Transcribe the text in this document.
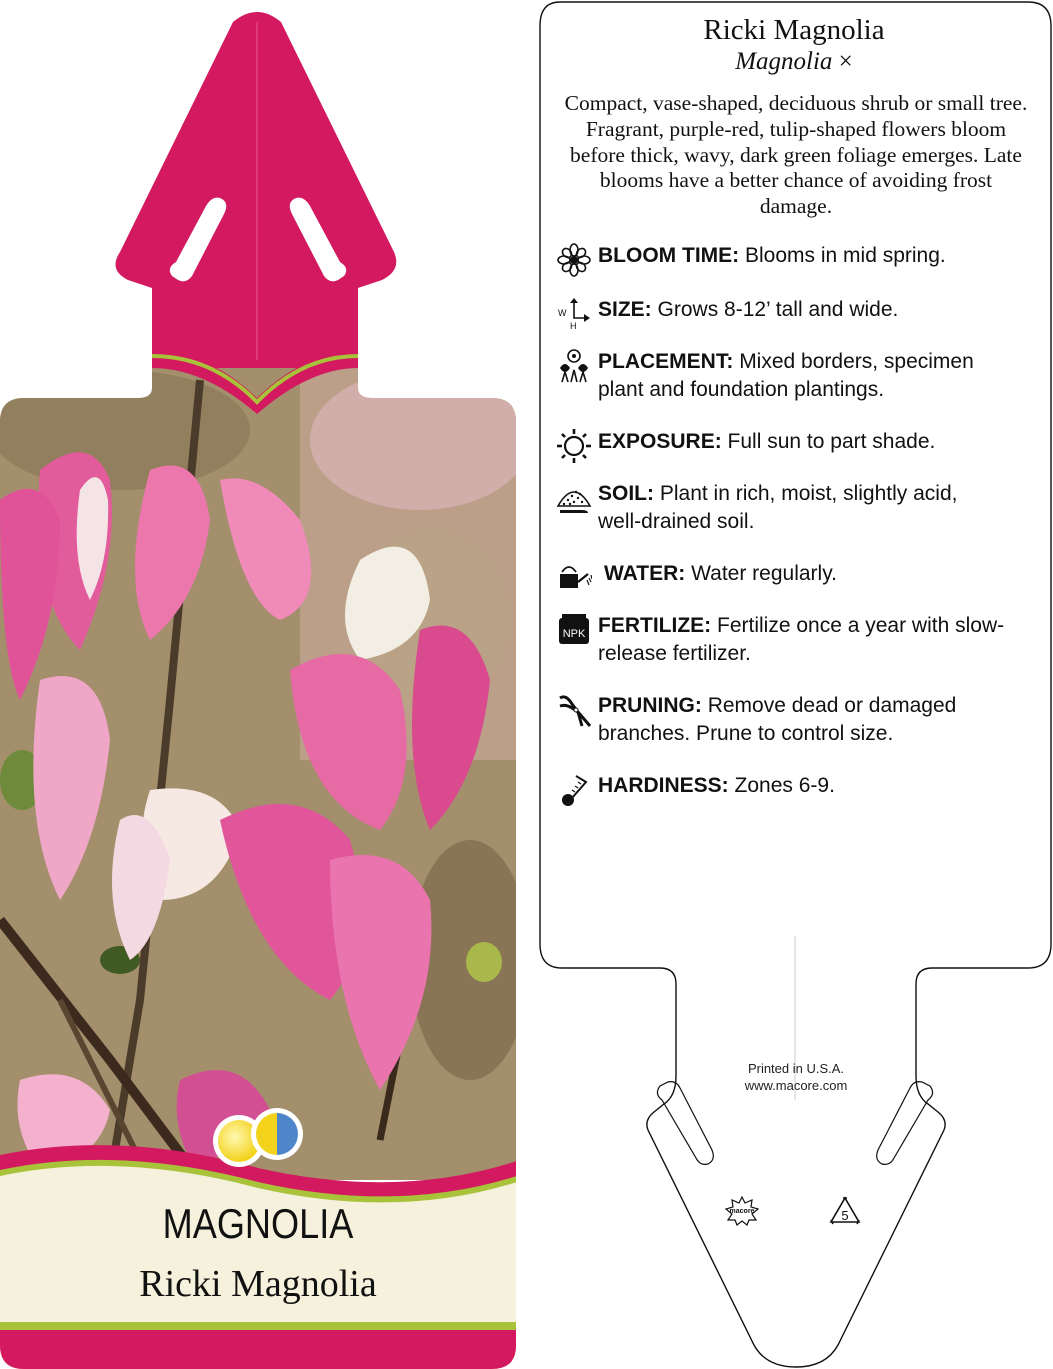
MAGNOLIA
Ricki Magnolia
Ricki Magnolia
Magnolia ×
Compact, vase-shaped, deciduous shrub or small tree. Fragrant, purple-red, tulip-shaped flowers bloom before thick, wavy, dark green foliage emerges. Late blooms have a better chance of avoiding frost damage.
BLOOM TIME: Blooms in mid spring.
W
H
SIZE: Grows 8-12’ tall and wide.
PLACEMENT: Mixed borders, specimen plant and foundation plantings.
EXPOSURE: Full sun to part shade.
SOIL: Plant in rich, moist, slightly acid, well-drained soil.
WATER: Water regularly.
NPK FERTILIZE: Fertilize once a year with slow-release fertilizer.
PRUNING: Remove dead or damaged branches. Prune to control size.
HARDINESS: Zones 6-9.
Printed in U.S.A.
www.macore.com
macore	5
